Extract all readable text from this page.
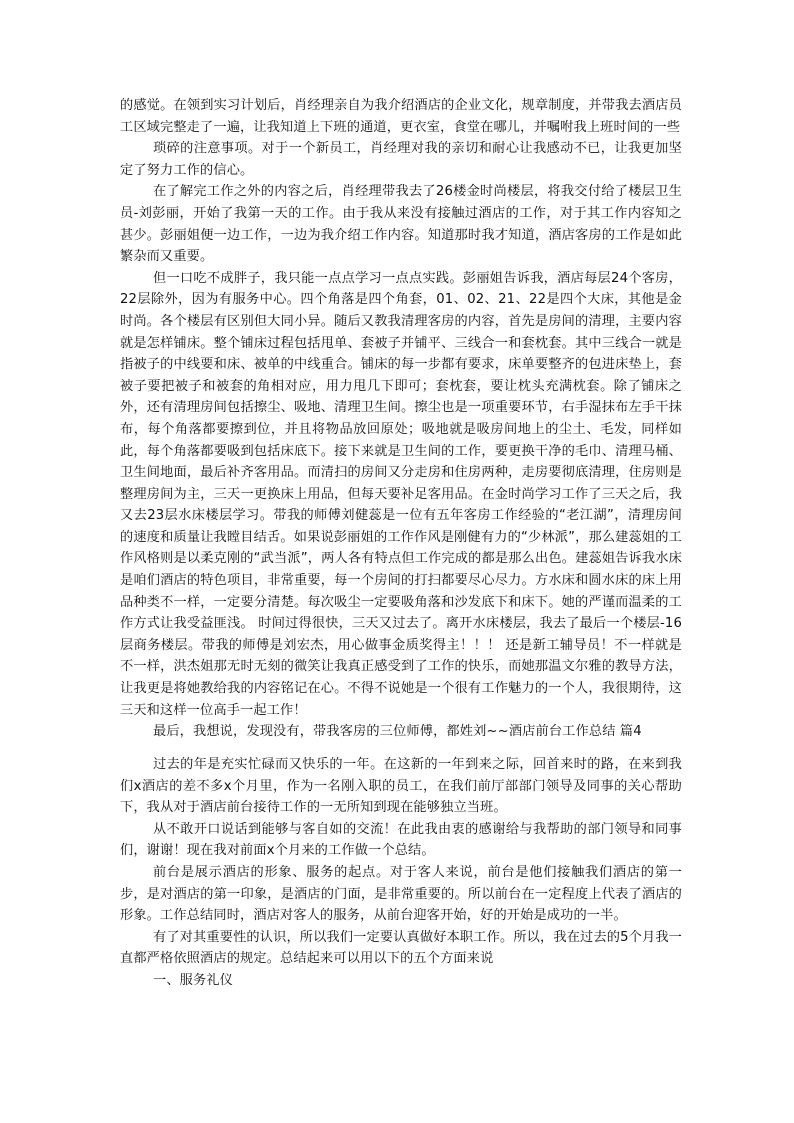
的感觉。在领到实习计划后，肖经理亲自为我介绍酒店的企业文化，规章制度，并带我去酒店员工区域完整走了一遍，让我知道上下班的通道，更衣室，食堂在哪儿，并嘱咐我上班时间的一些

琐碎的注意事项。对于一个新员工，肖经理对我的亲切和耐心让我感动不已，让我更加坚定了努力工作的信心。

在了解完工作之外的内容之后，肖经理带我去了26楼金时尚楼层，将我交付给了楼层卫生员-刘彭丽，开始了我第一天的工作。由于我从来没有接触过酒店的工作，对于其工作内容知之甚少。彭丽姐便一边工作，一边为我介绍工作内容。知道那时我才知道，酒店客房的工作是如此繁杂而又重要。

但一口吃不成胖子，我只能一点点学习一点点实践。彭丽姐告诉我，酒店每层24个客房，22层除外，因为有服务中心。四个角落是四个角套，01、02、21、22是四个大床，其他是金时尚。各个楼层有区别但大同小异。随后又教我清理客房的内容，首先是房间的清理，主要内容就是怎样铺床。整个铺床过程包括甩单、套被子并铺平、三线合一和套枕套。其中三线合一就是指被子的中线要和床、被单的中线重合。铺床的每一步都有要求，床单要整齐的包进床垫上，套被子要把被子和被套的角相对应，用力甩几下即可；套枕套，要让枕头充满枕套。除了铺床之外，还有清理房间包括擦尘、吸地、清理卫生间。擦尘也是一项重要环节，右手湿抹布左手干抹布，每个角落都要擦到位，并且将物品放回原处；吸地就是吸房间地上的尘土、毛发，同样如此，每个角落都要吸到包括床底下。接下来就是卫生间的工作，要更换干净的毛巾、清理马桶、卫生间地面，最后补齐客用品。而清扫的房间又分走房和住房两种，走房要彻底清理，住房则是整理房间为主，三天一更换床上用品，但每天要补足客用品。在金时尚学习工作了三天之后，我又去23层水床楼层学习。带我的师傅刘健蕊是一位有五年客房工作经验的“老江湖”，清理房间的速度和质量让我瞠目结舌。如果说彭丽姐的工作作风是刚健有力的“少林派”，那么建蕊姐的工作风格则是以柔克刚的“武当派”，两人各有特点但工作完成的都是那么出色。建蕊姐告诉我水床是咱们酒店的特色项目，非常重要，每一个房间的打扫都要尽心尽力。方水床和圆水床的床上用品种类不一样，一定要分清楚。每次吸尘一定要吸角落和沙发底下和床下。她的严谨而温柔的工作方式让我受益匪浅。 时间过得很快，三天又过去了。离开水床楼层，我去了最后一个楼层-16层商务楼层。带我的师傅是刘宏杰，用心做事金质奖得主！！！ 还是新工辅导员！不一样就是不一样，洪杰姐那无时无刻的微笑让我真正感受到了工作的快乐，而她那温文尔雅的教导方法，让我更是将她教给我的内容铭记在心。不得不说她是一个很有工作魅力的一个人，我很期待，这三天和这样一位高手一起工作！

最后，我想说，发现没有，带我客房的三位师傅，都姓刘~~酒店前台工作总结 篇4

过去的年是充实忙碌而又快乐的一年。在这新的一年到来之际，回首来时的路，在来到我们x酒店的差不多x个月里，作为一名刚入职的员工，在我们前厅部部门领导及同事的关心帮助下，我从对于酒店前台接待工作的一无所知到现在能够独立当班。

从不敢开口说话到能够与客自如的交流！在此我由衷的感谢给与我帮助的部门领导和同事们，谢谢！现在我对前面x个月来的工作做一个总结。

前台是展示酒店的形象、服务的起点。对于客人来说，前台是他们接触我们酒店的第一步，是对酒店的第一印象，是酒店的门面，是非常重要的。所以前台在一定程度上代表了酒店的形象。工作总结同时，酒店对客人的服务，从前台迎客开始，好的开始是成功的一半。

有了对其重要性的认识，所以我们一定要认真做好本职工作。所以，我在过去的5个月我一直都严格依照酒店的规定。总结起来可以用以下的五个方面来说

一、服务礼仪
